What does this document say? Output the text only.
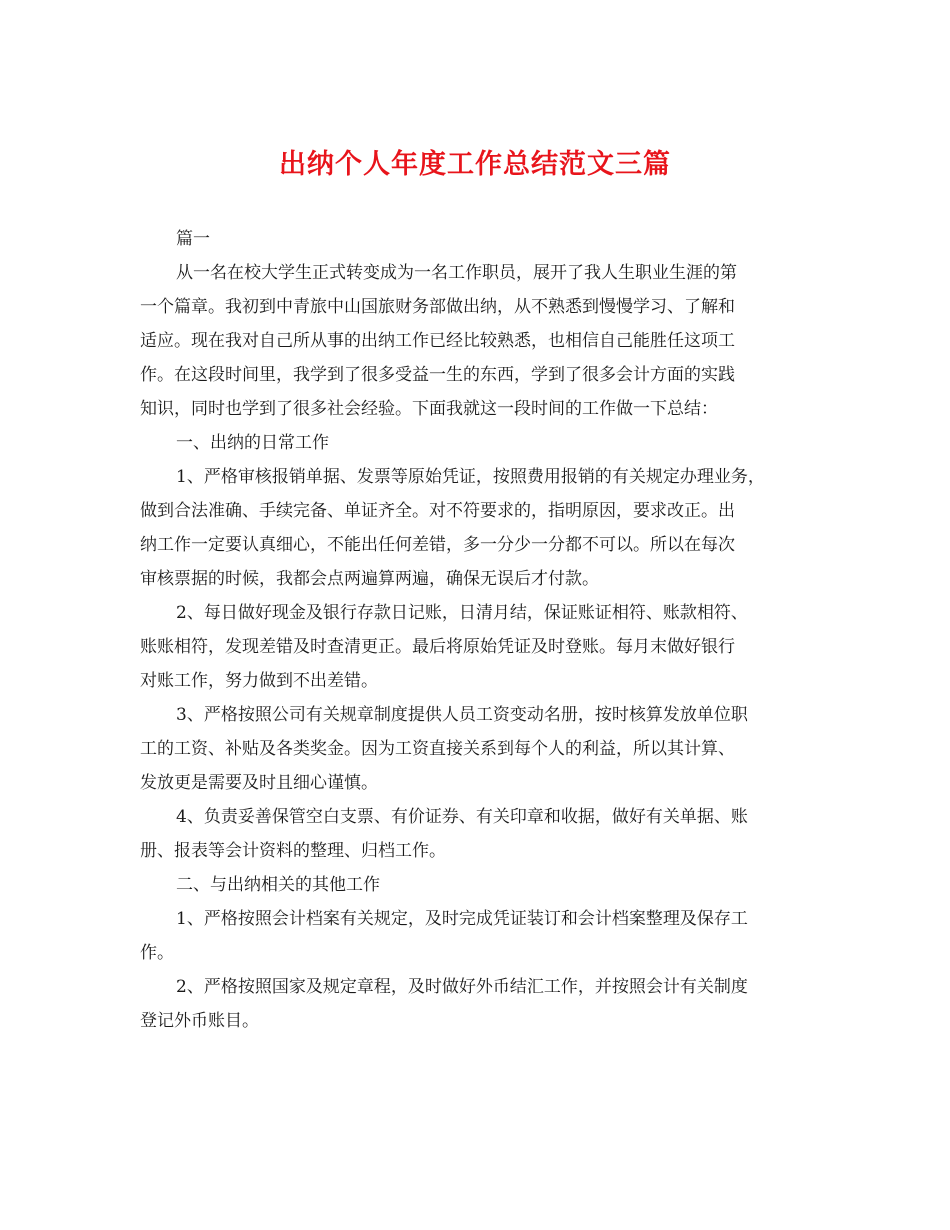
出纳个人年度工作总结范文三篇
篇一
从一名在校大学生正式转变成为一名工作职员，展开了我人生职业生涯的第
一个篇章。我初到中青旅中山国旅财务部做出纳，从不熟悉到慢慢学习、了解和
适应。现在我对自己所从事的出纳工作已经比较熟悉，也相信自己能胜任这项工
作。在这段时间里，我学到了很多受益一生的东西，学到了很多会计方面的实践
知识，同时也学到了很多社会经验。下面我就这一段时间的工作做一下总结：
一、出纳的日常工作
1、严格审核报销单据、发票等原始凭证，按照费用报销的有关规定办理业务，
做到合法准确、手续完备、单证齐全。对不符要求的，指明原因，要求改正。出
纳工作一定要认真细心，不能出任何差错，多一分少一分都不可以。所以在每次
审核票据的时候，我都会点两遍算两遍，确保无误后才付款。
2、每日做好现金及银行存款日记账，日清月结，保证账证相符、账款相符、
账账相符，发现差错及时查清更正。最后将原始凭证及时登账。每月末做好银行
对账工作，努力做到不出差错。
3、严格按照公司有关规章制度提供人员工资变动名册，按时核算发放单位职
工的工资、补贴及各类奖金。因为工资直接关系到每个人的利益，所以其计算、
发放更是需要及时且细心谨慎。
4、负责妥善保管空白支票、有价证券、有关印章和收据，做好有关单据、账
册、报表等会计资料的整理、归档工作。
二、与出纳相关的其他工作
1、严格按照会计档案有关规定，及时完成凭证装订和会计档案整理及保存工
作。
2、严格按照国家及规定章程，及时做好外币结汇工作，并按照会计有关制度
登记外币账目。
